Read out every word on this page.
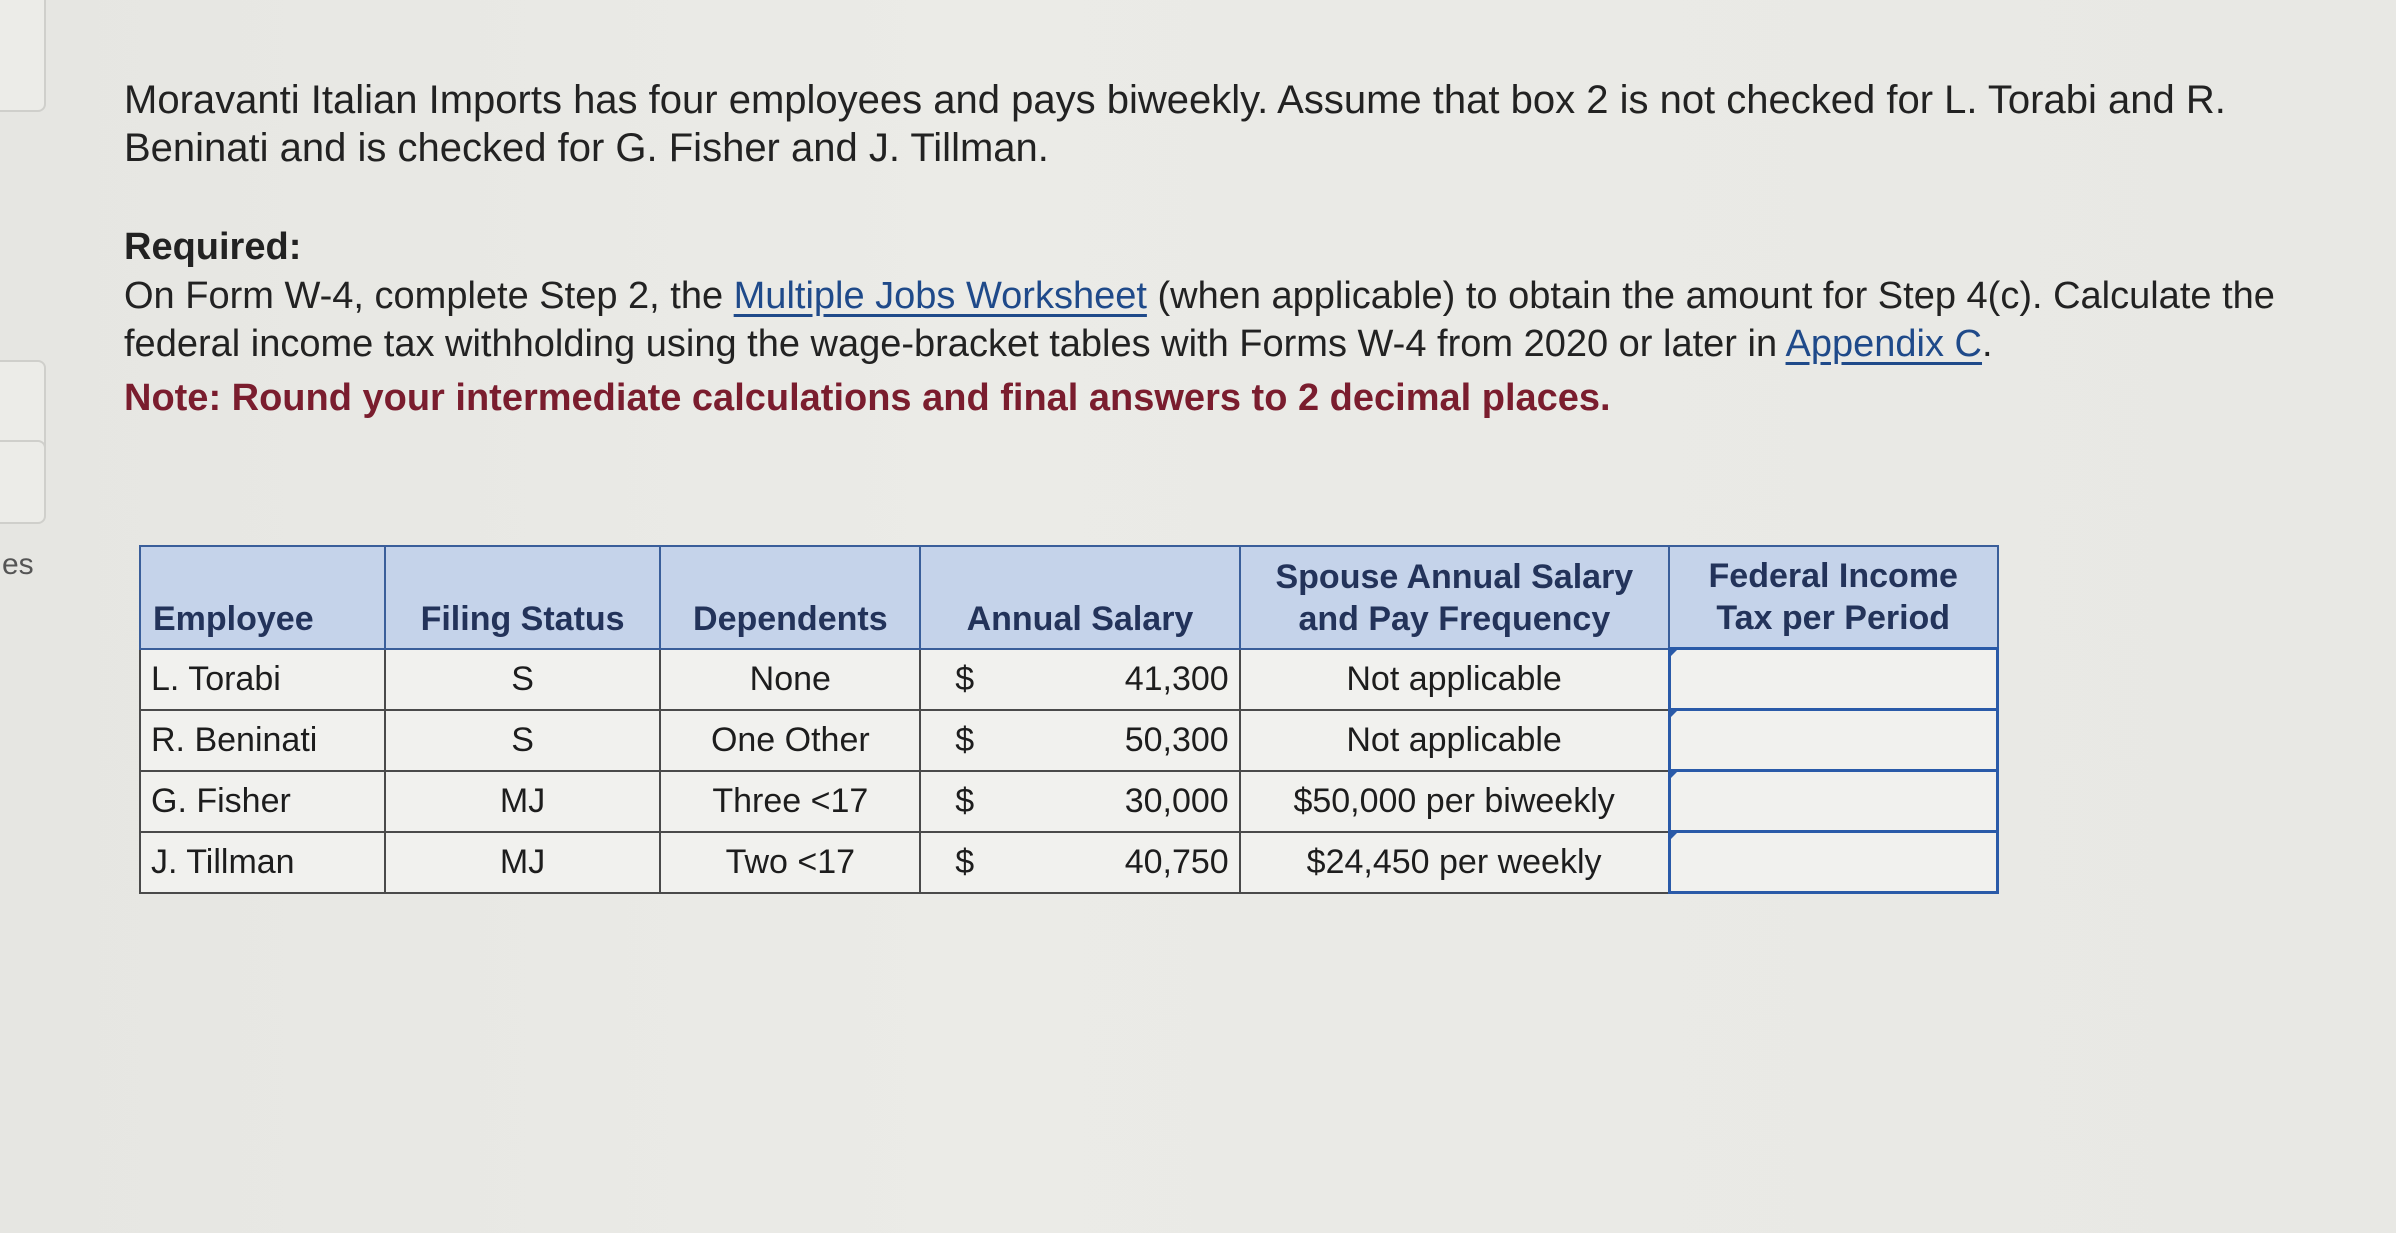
es

Moravanti Italian Imports has four employees and pays biweekly. Assume that box 2 is not checked for L. Torabi and R. Beninati and is checked for G. Fisher and J. Tillman.

Required:

On Form W-4, complete Step 2, the Multiple Jobs Worksheet (when applicable) to obtain the amount for Step 4(c). Calculate the federal income tax withholding using the wage-bracket tables with Forms W-4 from 2020 or later in Appendix C.

Note: Round your intermediate calculations and final answers to 2 decimal places.

Employee	Filing Status	Dependents	Annual Salary	Spouse Annual Salary and Pay Frequency	Federal Income Tax per Period
L. Torabi	S	None	$ 41,300	Not applicable	

R. Beninati	S	One Other	$ 50,300	Not applicable	

G. Fisher	MJ	Three <17	$ 30,000	$50,000 per biweekly	

J. Tillman	MJ	Two <17	$ 40,750	$24,450 per weekly	
